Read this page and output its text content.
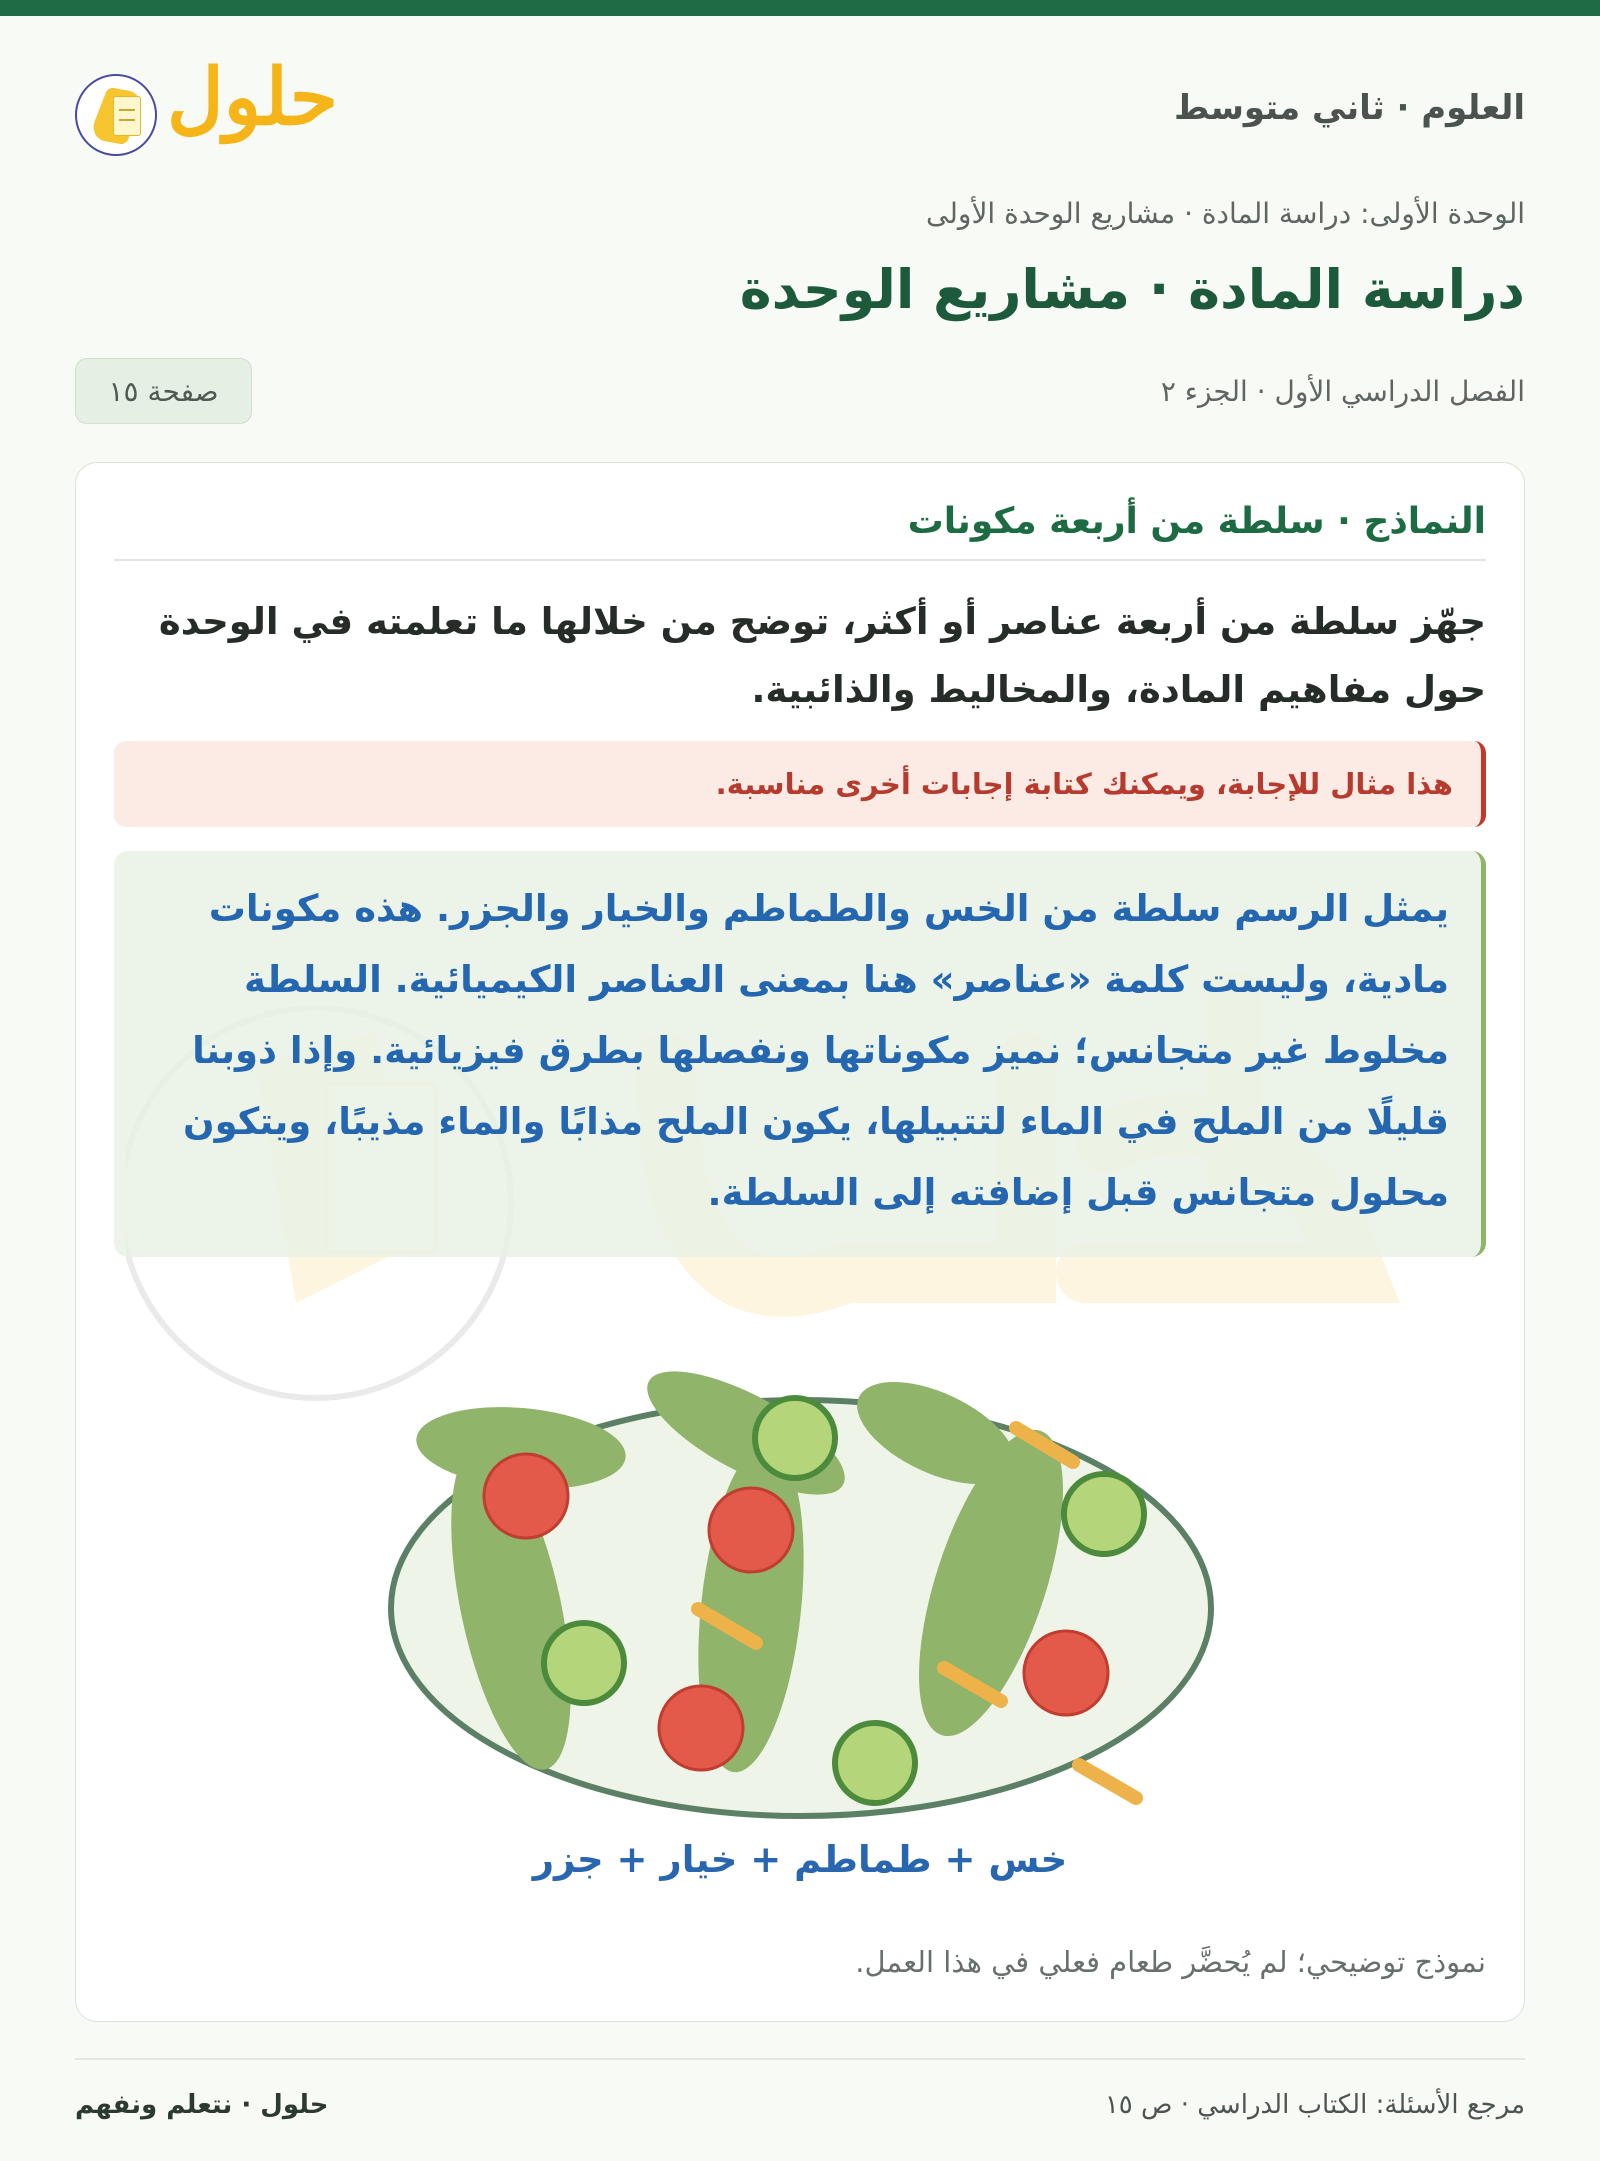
العلوم · ثاني متوسط
حلول
الوحدة الأولى: دراسة المادة · مشاريع الوحدة الأولى
دراسة المادة · مشاريع الوحدة
الفصل الدراسي الأول · الجزء ٢
صفحة ١٥
النماذج · سلطة من أربعة مكونات
جهّز سلطة من أربعة عناصر أو أكثر، توضح من خلالها ما تعلمته في الوحدة حول مفاهيم المادة، والمخاليط والذائبية.
هذا مثال للإجابة، ويمكنك كتابة إجابات أخرى مناسبة.
يمثل الرسم سلطة من الخس والطماطم والخيار والجزر. هذه مكونات مادية، وليست كلمة «عناصر» هنا بمعنى العناصر الكيميائية. السلطة مخلوط غير متجانس؛ نميز مكوناتها ونفصلها بطرق فيزيائية. وإذا ذوبنا قليلًا من الملح في الماء لتتبيلها، يكون الملح مذابًا والماء مذيبًا، ويتكون محلول متجانس قبل إضافته إلى السلطة.
خس + طماطم + خيار + جزر
نموذج توضيحي؛ لم يُحضَّر طعام فعلي في هذا العمل.
مرجع الأسئلة: الكتاب الدراسي · ص ١٥
حلول · نتعلم ونفهم
